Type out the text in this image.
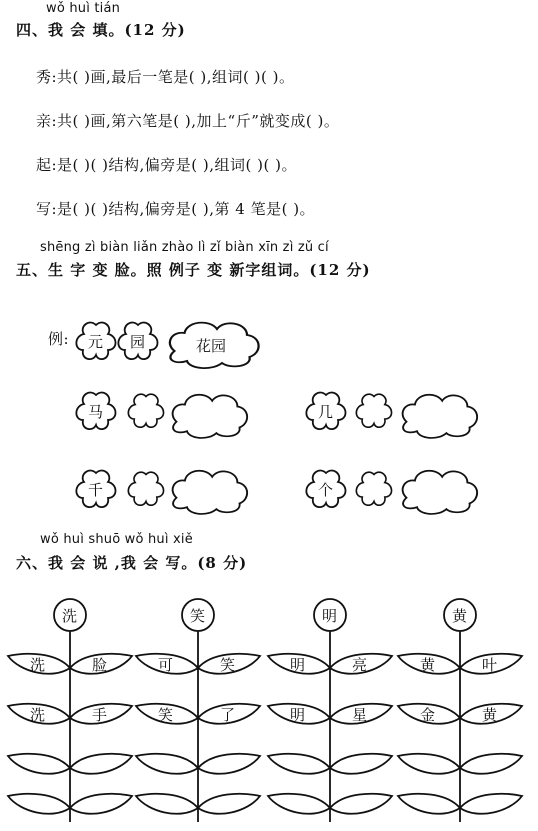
wǒ huì tián
四、我 会 填。(12 分)
秀:共( )画,最后一笔是( ),组词( )( )。
亲:共( )画,第六笔是( ),加上“斤”就变成( )。
起:是( )( )结构,偏旁是( ),组词( )( )。
写:是( )( )结构,偏旁是( ),第 4 笔是( )。
shēng zì biàn liǎn zhào lì zǐ biàn xīn zì zǔ cí
五、生 字 变 脸。照 例子 变 新字组词。(12 分)
例: 元 园	花园
马	几
千	个
wǒ huì shuō wǒ huì xiě
六、我 会 说 ,我 会 写。(8 分)
洗
洗	脸
洗	手
笑
可	笑
笑	了
明
明	亮
明	星
黄
黄	叶
金	黄
